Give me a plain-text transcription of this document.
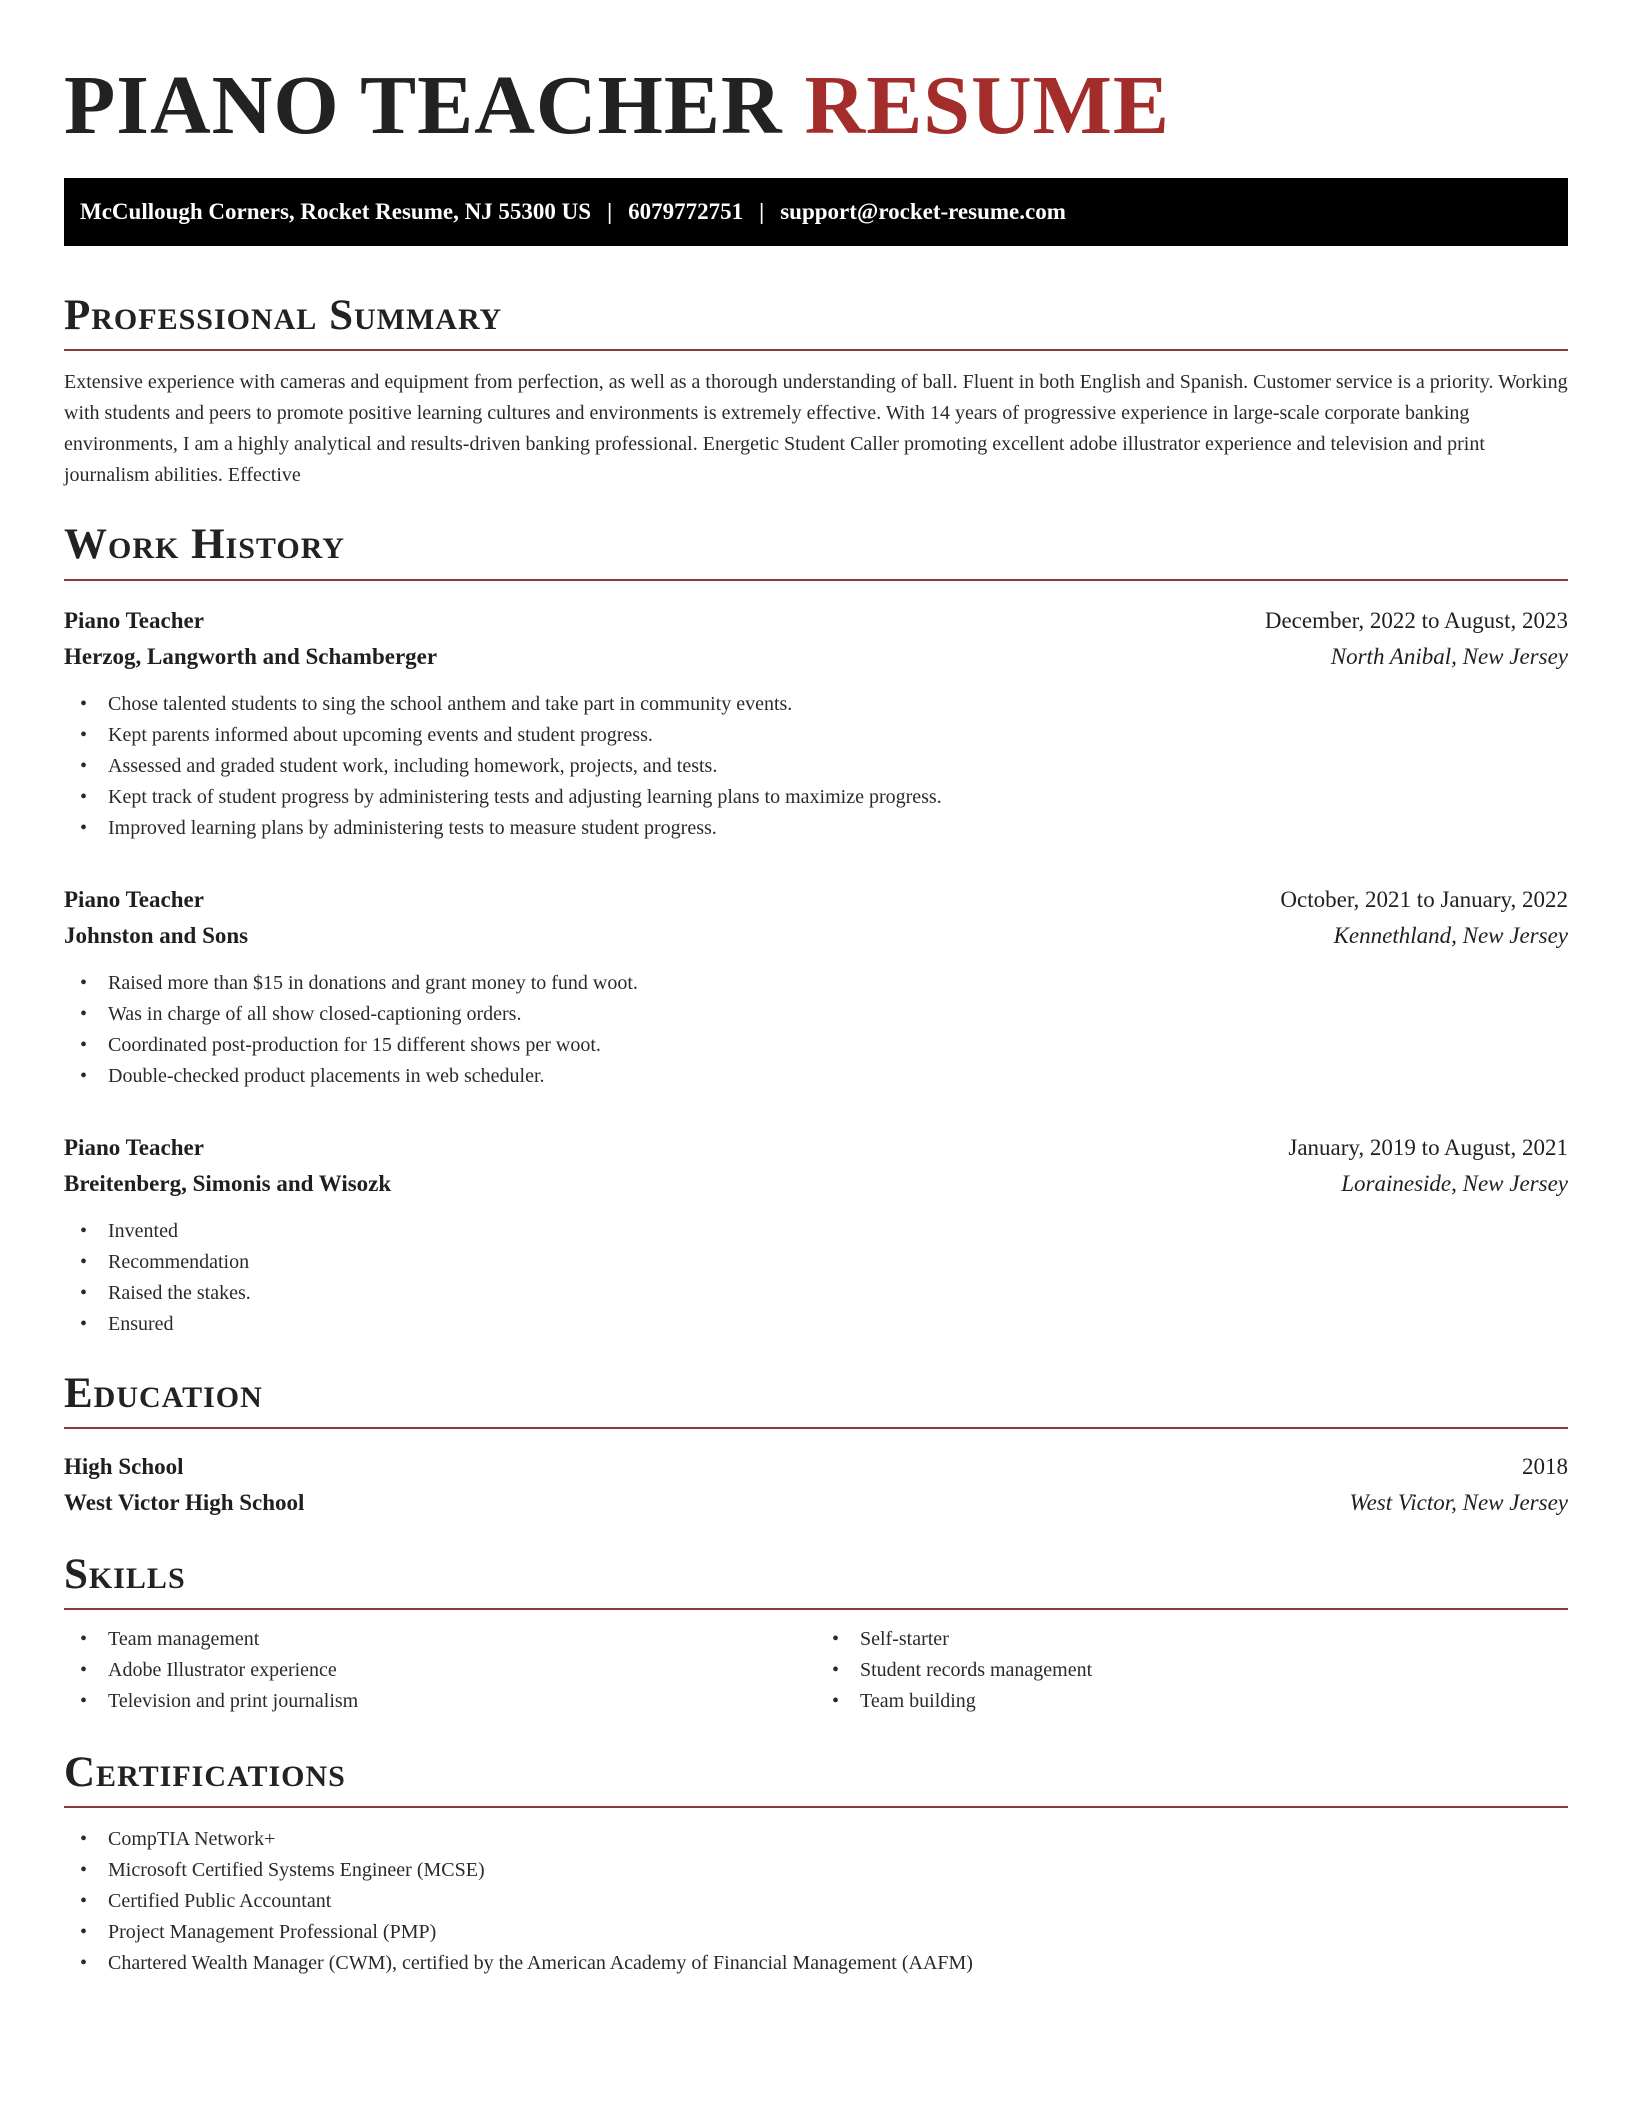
PIANO TEACHER RESUME
McCullough Corners, Rocket Resume, NJ 55300 US | 6079772751 | support@rocket-resume.com
Professional Summary

Extensive experience with cameras and equipment from perfection, as well as a thorough understanding of ball. Fluent in both English and Spanish. Customer service is a priority. Working with students and peers to promote positive learning cultures and environments is extremely effective. With 14 years of progressive experience in large-scale corporate banking environments, I am a highly analytical and results-driven banking professional. Energetic Student Caller promoting excellent adobe illustrator experience and television and print journalism abilities. Effective

Work History
Piano Teacher	December, 2022 to August, 2023
Herzog, Langworth and Schamberger	North Anibal, New Jersey
• Chose talented students to sing the school anthem and take part in community events.
• Kept parents informed about upcoming events and student progress.
• Assessed and graded student work, including homework, projects, and tests.
• Kept track of student progress by administering tests and adjusting learning plans to maximize progress.
• Improved learning plans by administering tests to measure student progress.
Piano Teacher	October, 2021 to January, 2022
Johnston and Sons	Kennethland, New Jersey
• Raised more than $15 in donations and grant money to fund woot.
• Was in charge of all show closed-captioning orders.
• Coordinated post-production for 15 different shows per woot.
• Double-checked product placements in web scheduler.
Piano Teacher	January, 2019 to August, 2021
Breitenberg, Simonis and Wisozk	Loraineside, New Jersey
• Invented
• Recommendation
• Raised the stakes.
• Ensured
Education
High School	2018
West Victor High School	West Victor, New Jersey
Skills
• Team management
• Adobe Illustrator experience
• Television and print journalism
• Self-starter
• Student records management
• Team building
Certifications
• CompTIA Network+
• Microsoft Certified Systems Engineer (MCSE)
• Certified Public Accountant
• Project Management Professional (PMP)
• Chartered Wealth Manager (CWM), certified by the American Academy of Financial Management (AAFM)
